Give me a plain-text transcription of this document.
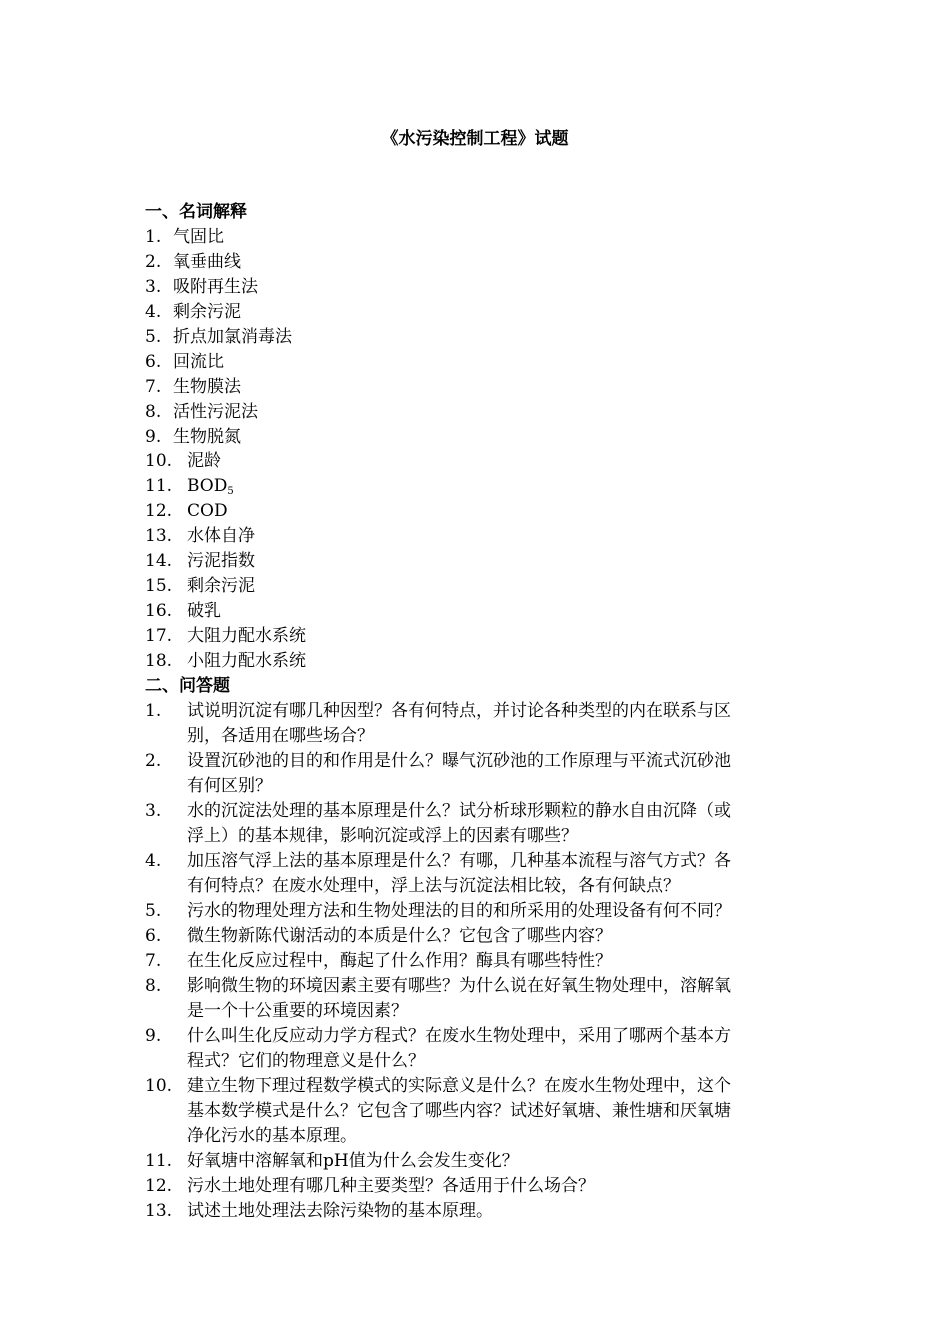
《水污染控制工程》试题
一、名词解释
1. 气固比
2. 氧垂曲线
3. 吸附再生法
4. 剩余污泥
5. 折点加氯消毒法
6. 回流比
7. 生物膜法
8. 活性污泥法
9. 生物脱氮
10. 泥龄
11. $BOD_5$
12. COD
13. 水体自净
14. 污泥指数
15. 剩余污泥
16. 破乳
17. 大阻力配水系统
18. 小阻力配水系统
二、问答题
1.	试说明沉淀有哪几种因型？各有何特点，并讨论各种类型的内在联系与区
别，各适用在哪些场合？
2.	设置沉砂池的目的和作用是什么？曝气沉砂池的工作原理与平流式沉砂池
有何区别？
3.	水的沉淀法处理的基本原理是什么？试分析球形颗粒的静水自由沉降（或
浮上）的基本规律，影响沉淀或浮上的因素有哪些？
4.	加压溶气浮上法的基本原理是什么？有哪，几种基本流程与溶气方式？各
有何特点？在废水处理中，浮上法与沉淀法相比较，各有何缺点？
5.	污水的物理处理方法和生物处理法的目的和所采用的处理设备有何不同？
6.	微生物新陈代谢活动的本质是什么？它包含了哪些内容？
7.	在生化反应过程中，酶起了什么作用？酶具有哪些特性？
8.	影响微生物的环境因素主要有哪些？为什么说在好氧生物处理中，溶解氧
是一个十公重要的环境因素？
9.	什么叫生化反应动力学方程式？在废水生物处理中，采用了哪两个基本方
程式？它们的物理意义是什么？
10. 建立生物下理过程数学模式的实际意义是什么？在废水生物处理中，这个
基本数学模式是什么？它包含了哪些内容？试述好氧塘、兼性塘和厌氧塘
净化污水的基本原理。
11. 好氧塘中溶解氧和pH值为什么会发生变化？
12. 污水土地处理有哪几种主要类型？各适用于什么场合？
13. 试述土地处理法去除污染物的基本原理。
